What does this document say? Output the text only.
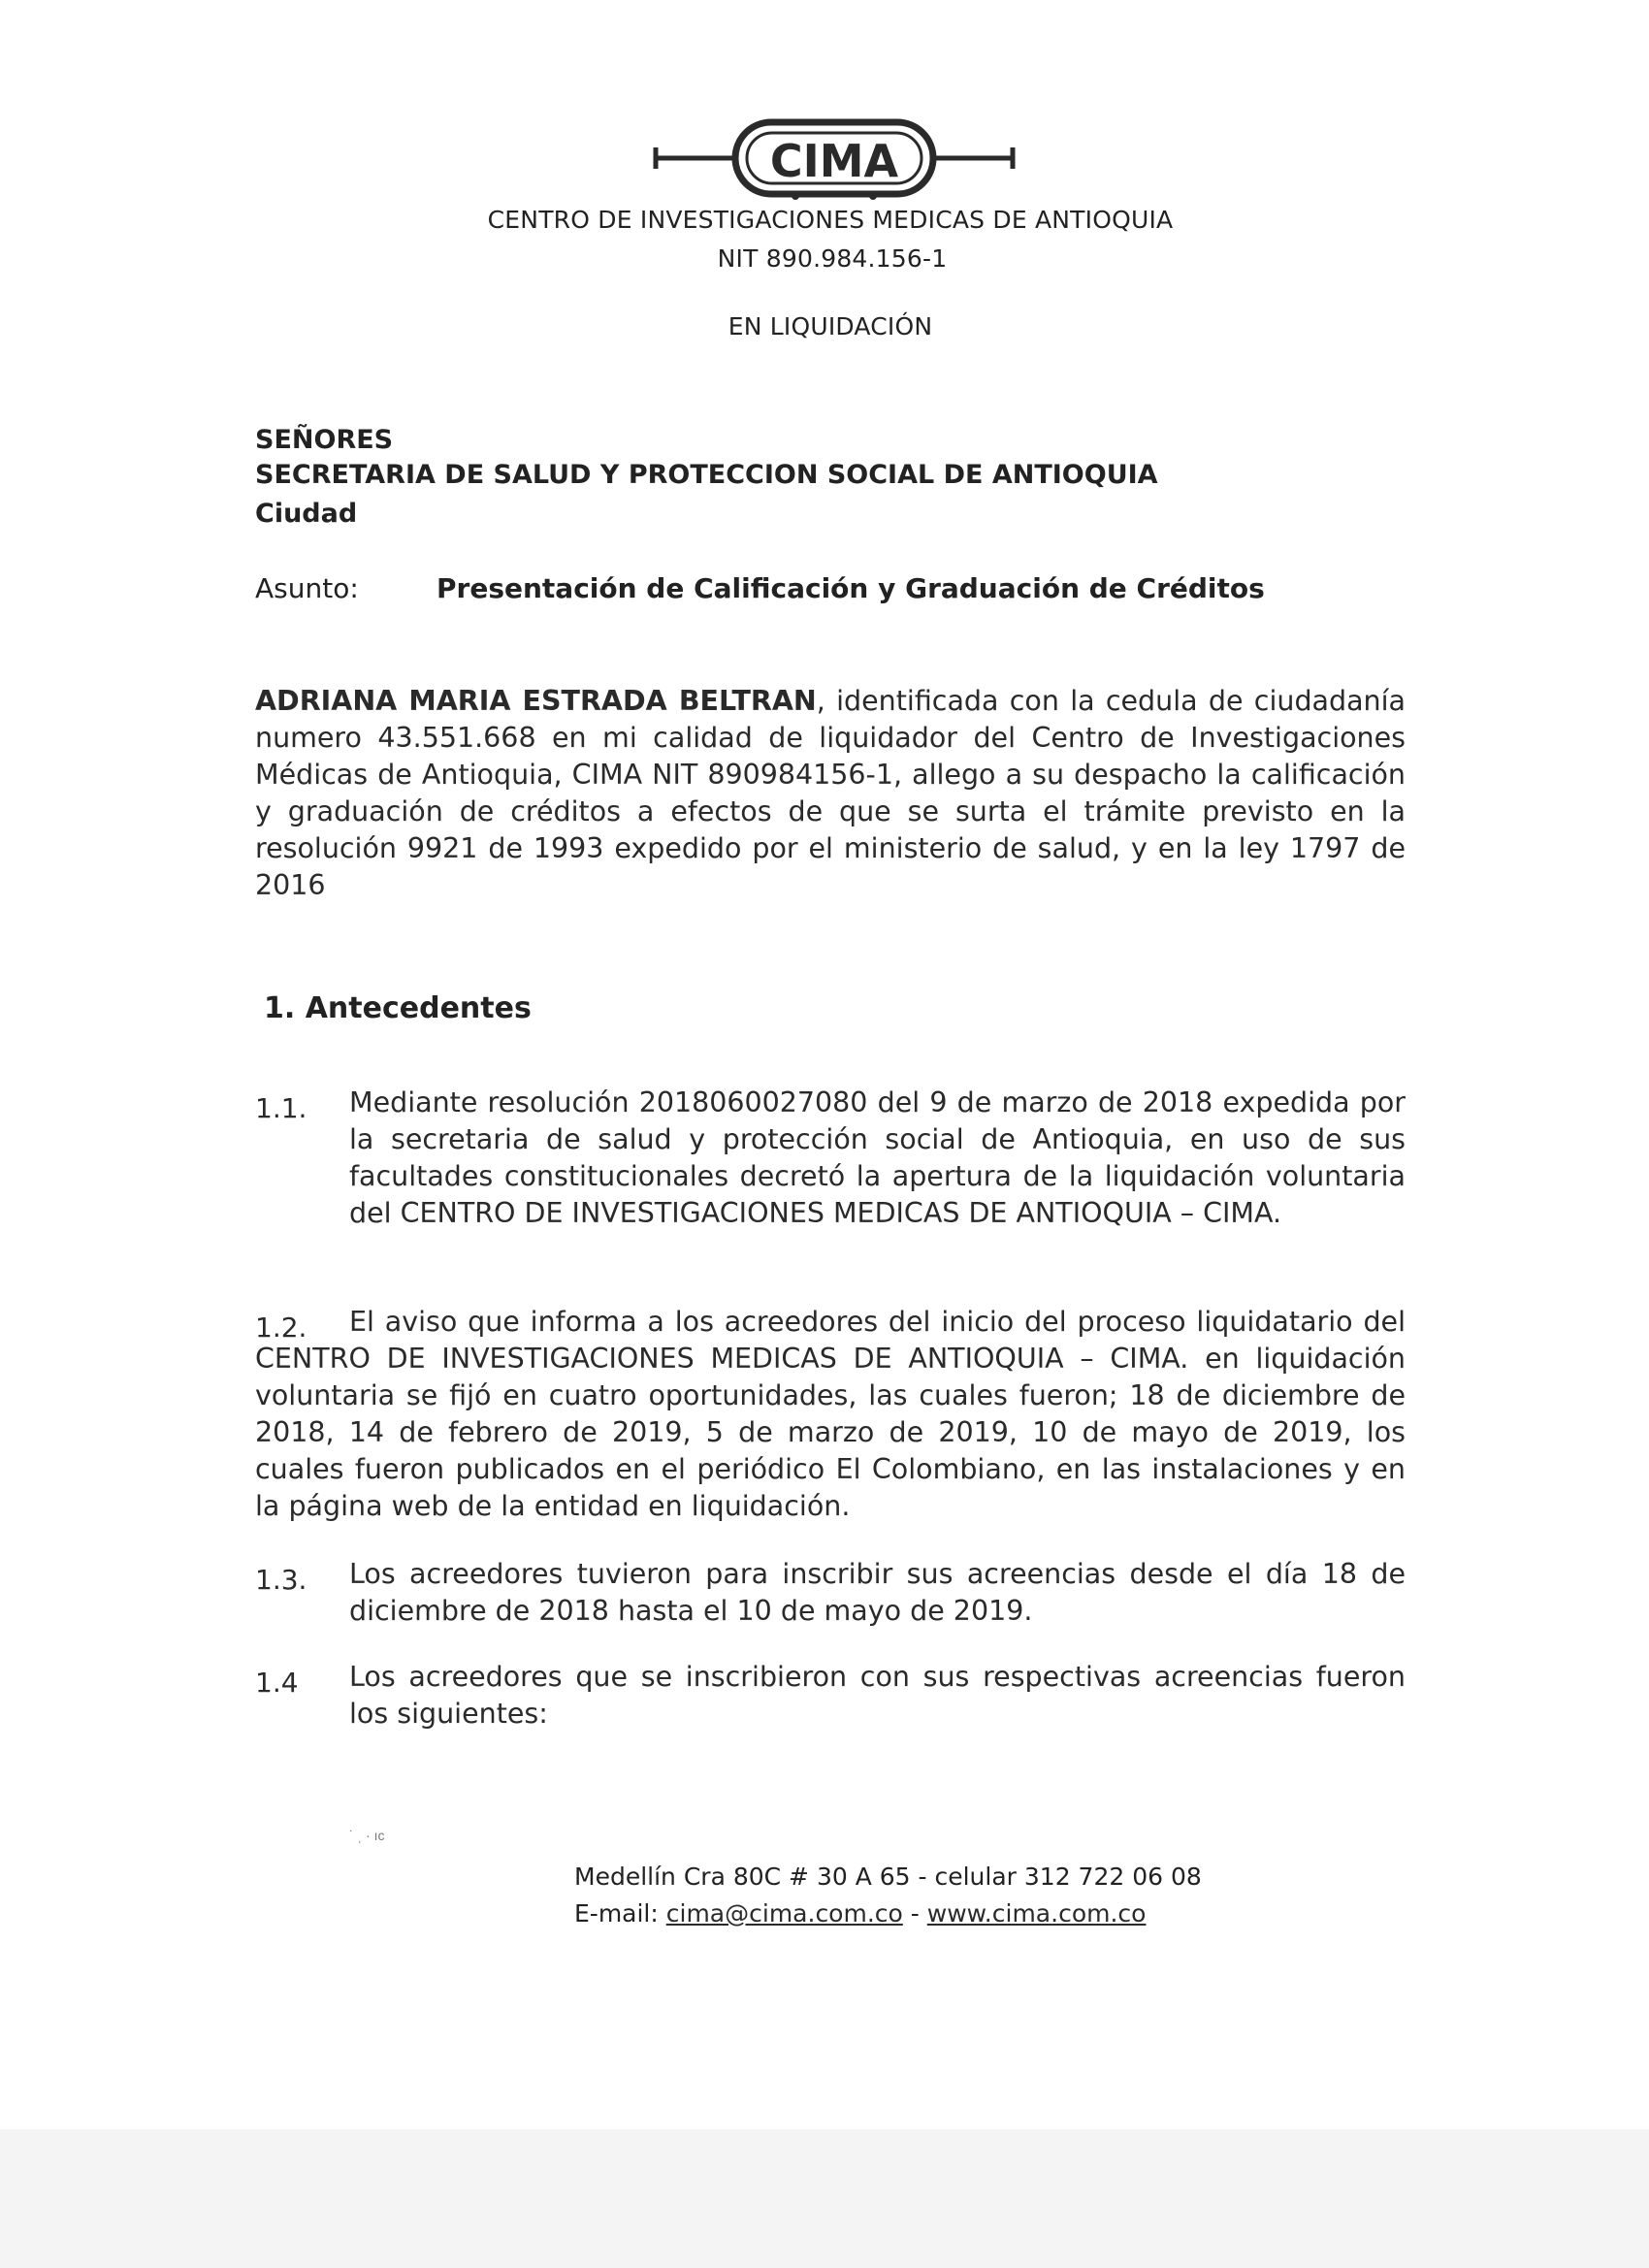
CIMA
CENTRO DE INVESTIGACIONES MEDICAS DE ANTIOQUIA
NIT 890.984.156-1
EN LIQUIDACIÓN
SEÑORES
SECRETARIA DE SALUD Y PROTECCION SOCIAL DE ANTIOQUIA
Ciudad
Asunto:	Presentación de Calificación y Graduación de Créditos
ADRIANA MARIA ESTRADA BELTRAN, identificada con la cedula de ciudadanía numero 43.551.668 en mi calidad de liquidador del Centro de Investigaciones Médicas de Antioquia, CIMA NIT 890984156-1, allego a su despacho la calificación y graduación de créditos a efectos de que se surta el trámite previsto en la resolución 9921 de 1993 expedido por el ministerio de salud, y en la ley 1797 de 2016
1. Antecedentes
1.1. Mediante resolución 2018060027080 del 9 de marzo de 2018 expedida por la secretaria de salud y protección social de Antioquia, en uso de sus facultades constitucionales decretó la apertura de la liquidación voluntaria del CENTRO DE INVESTIGACIONES MEDICAS DE ANTIOQUIA – CIMA.
1.2.	El aviso que informa a los acreedores del inicio del proceso liquidatario del CENTRO DE INVESTIGACIONES MEDICAS DE ANTIOQUIA – CIMA. en liquidación voluntaria se fijó en cuatro oportunidades, las cuales fueron; 18 de diciembre de 2018, 14 de febrero de 2019, 5 de marzo de 2019, 10 de mayo de 2019, los cuales fueron publicados en el periódico El Colombiano, en las instalaciones y en la página web de la entidad en liquidación.
1.3. Los acreedores tuvieron para inscribir sus acreencias desde el día 18 de diciembre de 2018 hasta el 10 de mayo de 2019.
1.4 Los acreedores que se inscribieron con sus respectivas acreencias fueron los siguientes:
˙ ˌ · ıᴄ
Medellín Cra 80C # 30 A 65 - celular 312 722 06 08
E-mail: cima@cima.com.co - www.cima.com.co
